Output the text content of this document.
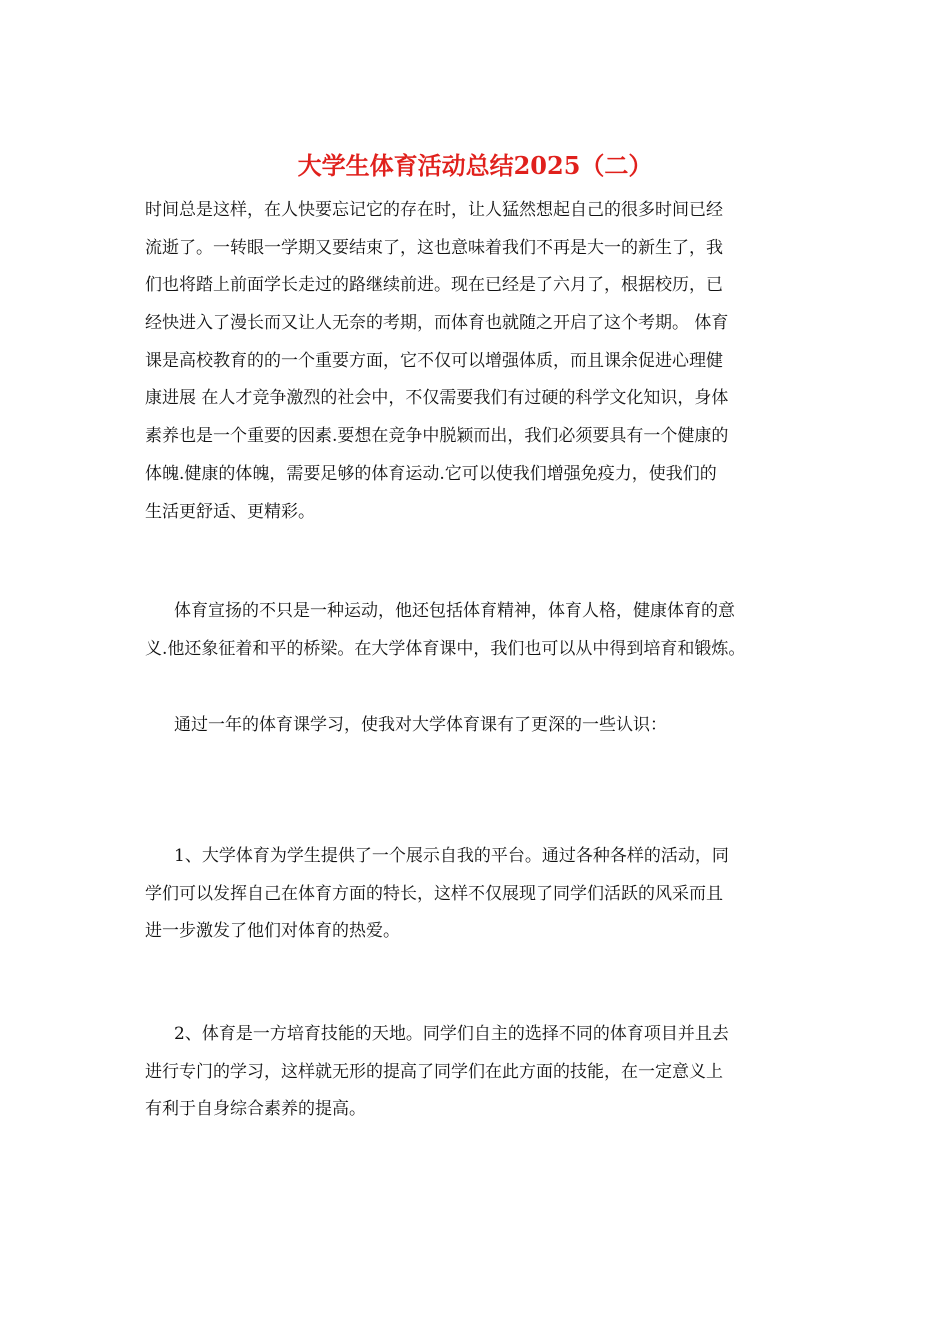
大学生体育活动总结2025（二）
时间总是这样，在人快要忘记它的存在时，让人猛然想起自己的很多时间已经
流逝了。一转眼一学期又要结束了，这也意味着我们不再是大一的新生了，我
们也将踏上前面学长走过的路继续前进。现在已经是了六月了，根据校历，已
经快进入了漫长而又让人无奈的考期，而体育也就随之开启了这个考期。 体育
课是高校教育的的一个重要方面，它不仅可以增强体质，而且课余促进心理健
康进展 在人才竞争激烈的社会中，不仅需要我们有过硬的科学文化知识，身体
素养也是一个重要的因素.要想在竞争中脱颖而出，我们必须要具有一个健康的
体魄.健康的体魄，需要足够的体育运动.它可以使我们增强免疫力，使我们的
生活更舒适、更精彩。
体育宣扬的不只是一种运动，他还包括体育精神，体育人格，健康体育的意
义.他还象征着和平的桥梁。在大学体育课中，我们也可以从中得到培育和锻炼。
通过一年的体育课学习，使我对大学体育课有了更深的一些认识：
1、大学体育为学生提供了一个展示自我的平台。通过各种各样的活动，同
学们可以发挥自己在体育方面的特长，这样不仅展现了同学们活跃的风采而且
进一步激发了他们对体育的热爱。
2、体育是一方培育技能的天地。同学们自主的选择不同的体育项目并且去
进行专门的学习，这样就无形的提高了同学们在此方面的技能，在一定意义上
有利于自身综合素养的提高。
